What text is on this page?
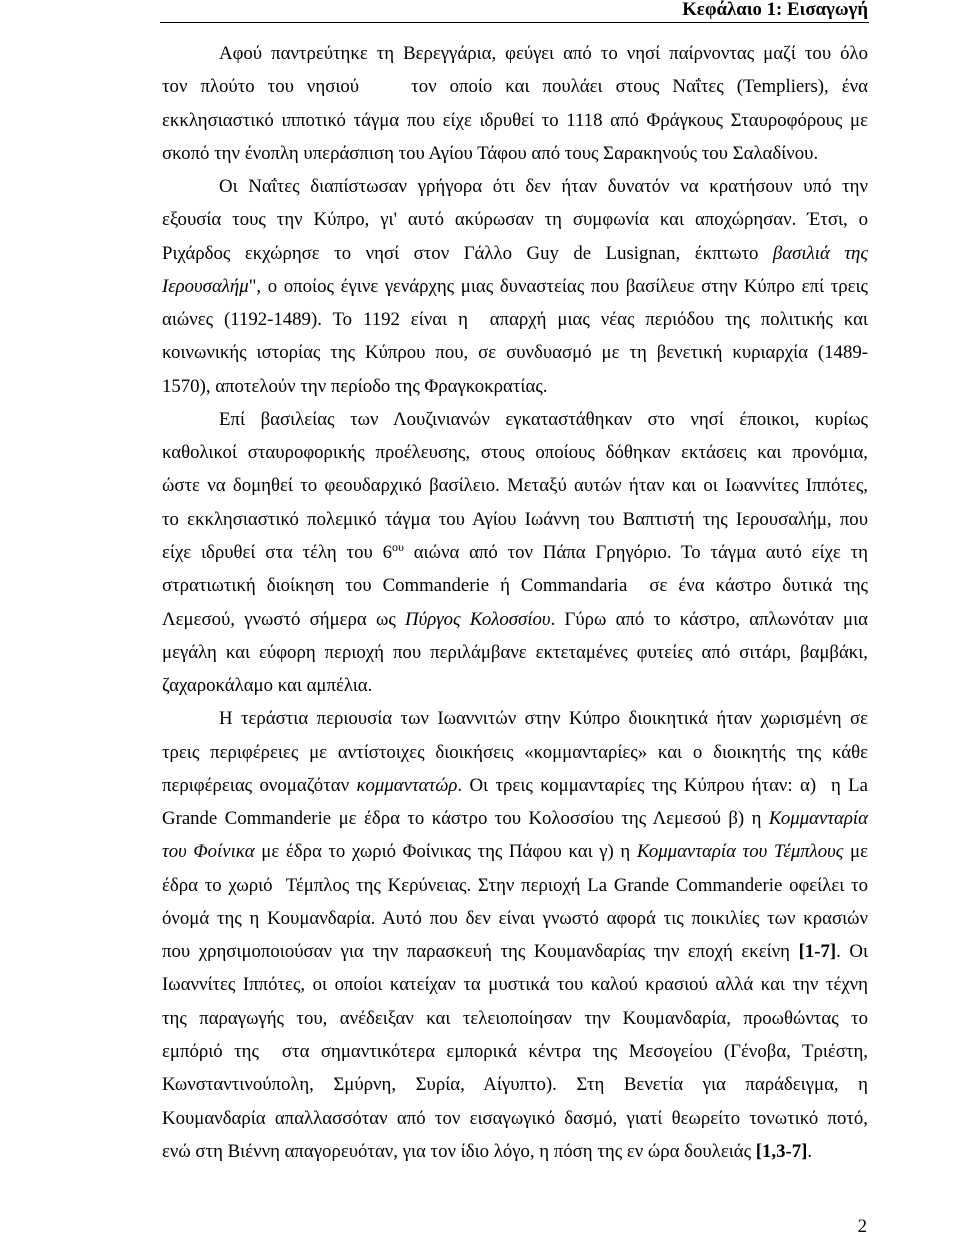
Κεφάλαιο 1: Εισαγωγή
Αφού παντρεύτηκε τη Βερεγγάρια, φεύγει από το νησί παίρνοντας μαζί του όλο
τον πλούτο του νησιού    τον οποίο και πουλάει στους Ναΐτες (Templiers), ένα
εκκλησιαστικό ιπποτικό τάγμα που είχε ιδρυθεί το 1118 από Φράγκους Σταυροφόρους με
σκοπό την ένοπλη υπεράσπιση του Αγίου Τάφου από τους Σαρακηνούς του Σαλαδίνου.
Οι Ναΐτες διαπίστωσαν γρήγορα ότι δεν ήταν δυνατόν να κρατήσουν υπό την
εξουσία τους την Κύπρο, γι' αυτό ακύρωσαν τη συμφωνία και αποχώρησαν. Έτσι, ο
Ριχάρδος εκχώρησε το νησί στον Γάλλο Guy de Lusignan, έκπτωτο βασιλιά της
Ιερουσαλήμ", ο οποίος έγινε γενάρχης μιας δυναστείας που βασίλευε στην Κύπρο επί τρεις
αιώνες (1192-1489). Το 1192 είναι η  απαρχή μιας νέας περιόδου της πολιτικής και
κοινωνικής ιστορίας της Κύπρου που, σε συνδυασμό με τη βενετική κυριαρχία (1489-
1570), αποτελούν την περίοδο της Φραγκοκρατίας.
Επί βασιλείας των Λουζινιανών εγκαταστάθηκαν στο νησί έποικοι, κυρίως
καθολικοί σταυροφορικής προέλευσης, στους οποίους δόθηκαν εκτάσεις και προνόμια,
ώστε να δομηθεί το φεουδαρχικό βασίλειο. Μεταξύ αυτών ήταν και οι Ιωαννίτες Ιππότες,
το εκκλησιαστικό πολεμικό τάγμα του Αγίου Ιωάννη του Βαπτιστή της Ιερουσαλήμ, που
είχε ιδρυθεί στα τέλη του $6^{o\upsilon}$ αιώνα από τον Πάπα Γρηγόριο. Το τάγμα αυτό είχε τη
στρατιωτική διοίκηση του Commanderie ή Commandaria  σε ένα κάστρο δυτικά της
Λεμεσού, γνωστό σήμερα ως Πύργος Κολοσσίου. Γύρω από το κάστρο, απλωνόταν μια
μεγάλη και εύφορη περιοχή που περιλάμβανε εκτεταμένες φυτείες από σιτάρι, βαμβάκι,
ζαχαροκάλαμο και αμπέλια.
Η τεράστια περιουσία των Ιωαννιτών στην Κύπρο διοικητικά ήταν χωρισμένη σε
τρεις περιφέρειες με αντίστοιχες διοικήσεις «κομμανταρίες» και ο διοικητής της κάθε
περιφέρειας ονομαζόταν κομμαντατώρ. Οι τρεις κομμανταρίες της Κύπρου ήταν: α)  η La
Grande Commanderie με έδρα το κάστρο του Κολοσσίου της Λεμεσού β) η Κομμανταρία
του Φοίνικα με έδρα το χωριό Φοίνικας της Πάφου και γ) η Κομμανταρία του Τέμπλους με
έδρα το χωριό  Τέμπλος της Κερύνειας. Στην περιοχή La Grande Commanderie οφείλει το
όνομά της η Κουμανδαρία. Αυτό που δεν είναι γνωστό αφορά τις ποικιλίες των κρασιών
που χρησιμοποιούσαν για την παρασκευή της Κουμανδαρίας την εποχή εκείνη [1-7]. Οι
Ιωαννίτες Ιππότες, οι οποίοι κατείχαν τα μυστικά του καλού κρασιού αλλά και την τέχνη
της παραγωγής του, ανέδειξαν και τελειοποίησαν την Κουμανδαρία, προωθώντας το
εμπόριό της  στα σημαντικότερα εμπορικά κέντρα της Μεσογείου (Γένοβα, Τριέστη,
Κωνσταντινούπολη, Σμύρνη, Συρία, Αίγυπτο). Στη Βενετία για παράδειγμα, η
Κουμανδαρία απαλλασσόταν από τον εισαγωγικό δασμό, γιατί θεωρείτο τονωτικό ποτό,
ενώ στη Βιέννη απαγορευόταν, για τον ίδιο λόγο, η πόση της εν ώρα δουλειάς [1,3-7].
2
